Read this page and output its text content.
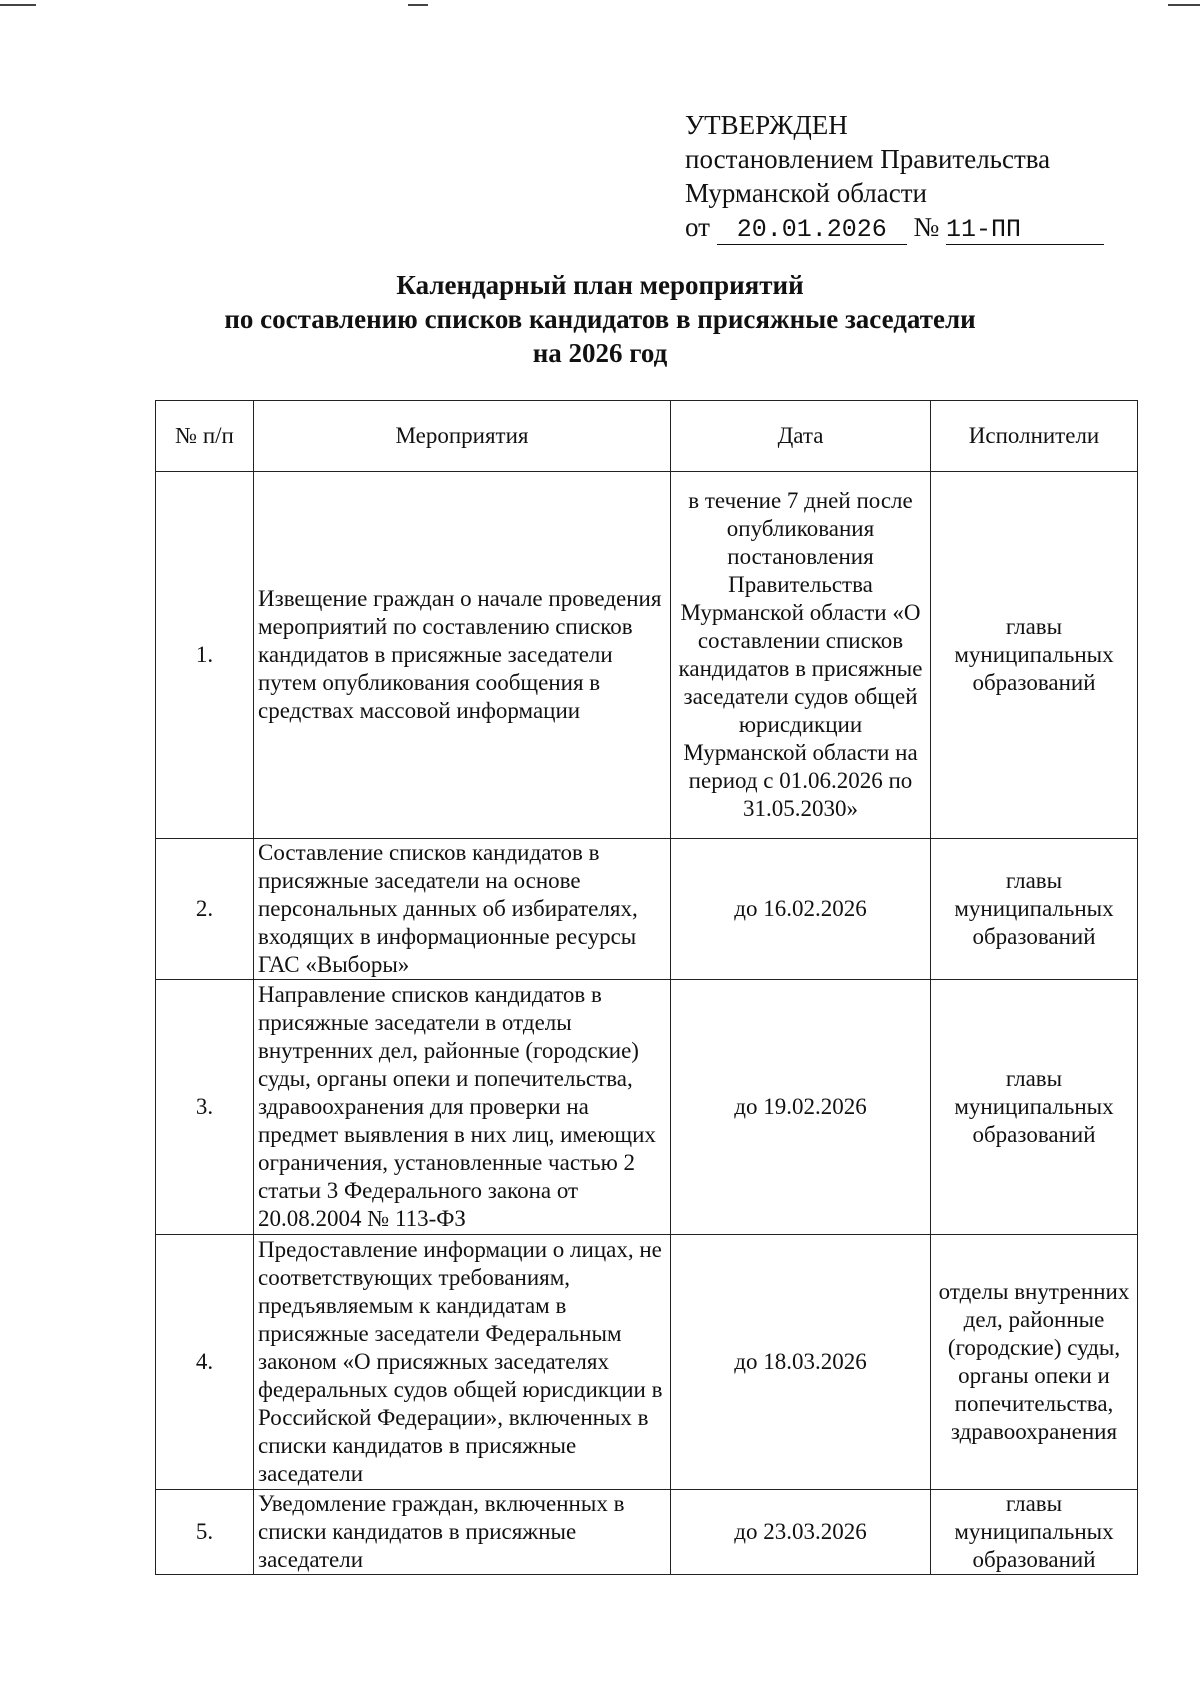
УТВЕРЖДЕН
постановлением Правительства
Мурманской области
от 20.01.2026 № 11-ПП
Календарный план мероприятий
по составлению списков кандидатов в присяжные заседатели
на 2026 год
№ п/п	Мероприятия	Дата	Исполнители
1.	Извещение граждан о начале проведения мероприятий по составлению списков кандидатов в присяжные заседатели путем опубликования сообщения в средствах массовой информации	в течение 7 дней после опубликования постановления Правительства Мурманской области «О составлении списков кандидатов в присяжные заседатели судов общей юрисдикции Мурманской области на период с 01.06.2026 по 31.05.2030»	главы муниципальных образований
2.	Составление списков кандидатов в присяжные заседатели на основе персональных данных об избирателях, входящих в информационные ресурсы ГАС «Выборы»	до 16.02.2026	главы муниципальных образований
3.	Направление списков кандидатов в присяжные заседатели в отделы внутренних дел, районные (городские) суды, органы опеки и попечительства, здравоохранения для проверки на предмет выявления в них лиц, имеющих ограничения, установленные частью 2 статьи 3 Федерального закона от 20.08.2004 № 113-ФЗ	до 19.02.2026	главы муниципальных образований
4.	Предоставление информации о лицах, не соответствующих требованиям, предъявляемым к кандидатам в присяжные заседатели Федеральным законом «О присяжных заседателях федеральных судов общей юрисдикции в Российской Федерации», включенных в списки кандидатов в присяжные заседатели	до 18.03.2026	отделы внутренних дел, районные (городские) суды, органы опеки и попечительства, здравоохранения
5.	Уведомление граждан, включенных в списки кандидатов в присяжные заседатели	до 23.03.2026	главы муниципальных образований
